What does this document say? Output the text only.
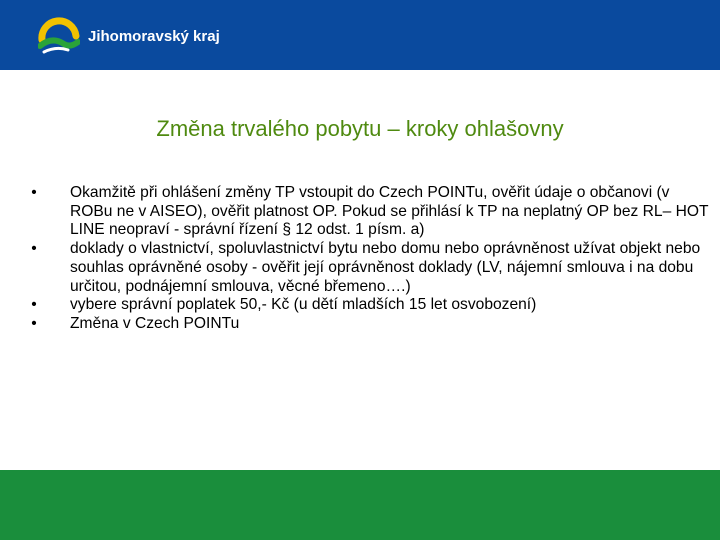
Jihomoravský kraj
Změna trvalého pobytu – kroky ohlašovny
• Okamžitě při ohlášení změny TP vstoupit do Czech POINTu, ověřit údaje o občanovi (v ROBu ne v AISEO), ověřit platnost OP. Pokud se přihlásí k TP na neplatný OP bez RL– HOT LINE neopraví - správní řízení § 12 odst. 1 písm. a)
• doklady o vlastnictví, spoluvlastnictví bytu nebo domu nebo oprávněnost užívat objekt nebo souhlas oprávněné osoby - ověřit její oprávněnost doklady (LV, nájemní smlouva i na dobu určitou, podnájemní smlouva, věcné břemeno….)
• vybere správní poplatek 50,- Kč (u dětí mladších 15 let osvobození)
• Změna v Czech POINTu
